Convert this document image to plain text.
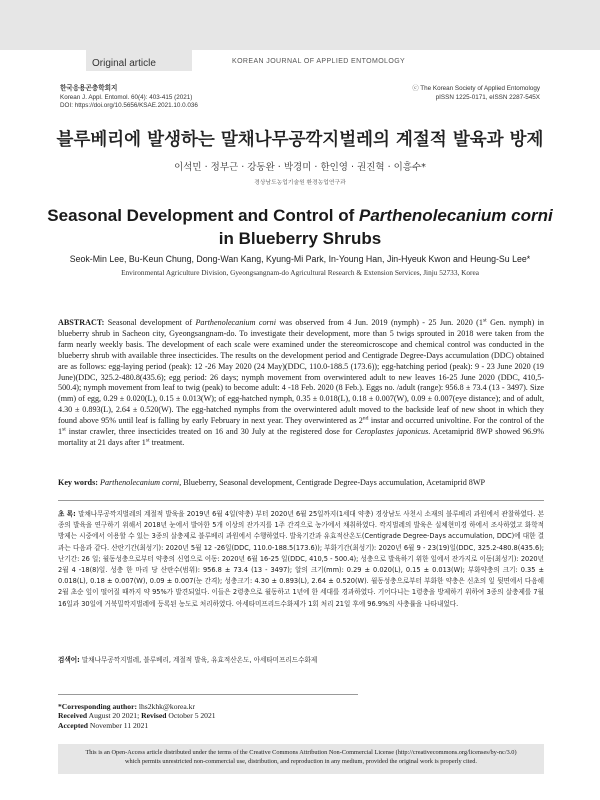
Original article	KOREAN JOURNAL OF APPLIED ENTOMOLOGY
한국응용곤충학회지
Korean J. Appl. Entomol. 60(4): 403-415 (2021)
DOI: https://doi.org/10.5656/KSAE.2021.10.0.036
ⓒ The Korean Society of Applied Entomology
pISSN 1225-0171, eISSN 2287-545X
블루베리에 발생하는 말채나무공깍지벌레의 계절적 발육과 방제
이석민 · 정부근 · 강동완 · 박경미 · 한인영 · 권진혁 · 이흥수*
경상남도농업기술원 환경농업연구과
Seasonal Development and Control of Parthenolecanium corni
in Blueberry Shrubs
Seok-Min Lee, Bu-Keun Chung, Dong-Wan Kang, Kyung-Mi Park, In-Young Han, Jin-Hyeuk Kwon and Heung-Su Lee*
Environmental Agriculture Division, Gyeongsangnam-do Agricultural Research & Extension Services, Jinju 52733, Korea
ABSTRACT: Seasonal development of Parthenolecanium corni was observed from 4 Jun. 2019 (nymph) - 25 Jun. 2020 (1st Gen. nymph) in blueberry shrub in Sacheon city, Gyeongsangnam-do. To investigate their development, more than 5 twigs sprouted in 2018 were taken from the farm nearly weekly basis. The development of each scale were examined under the stereomicroscope and chemical control was conducted in the blueberry shrub with available three insecticides. The results on the development period and Centigrade Degree-Days accumulation (DDC) obtained are as follows: egg-laying period (peak): 12 -26 May 2020 (24 May)(DDC, 110.0-188.5 (173.6)); egg-hatching period (peak): 9 - 23 June 2020 (19 June)(DDC, 325.2-480.8(435.6); egg period: 26 days; nymph movement from overwintered adult to new leaves 16-25 June 2020 (DDC, 410,5-500.4); nymph movement from leaf to twig (peak) to become adult: 4 -18 Feb. 2020 (8 Feb.). Eggs no. /adult (range): 956.8 ± 73.4 (13 - 3497). Size (mm) of egg, 0.29 ± 0.020(L), 0.15 ± 0.013(W); of egg-hatched nymph, 0.35 ± 0.018(L), 0.18 ± 0.007(W), 0.09 ± 0.007(eye distance); and of adult, 4.30 ± 0.893(L), 2.64 ± 0.520(W). The egg-hatched nymphs from the overwintered adult moved to the backside leaf of new shoot in which they found above 95% until leaf is falling by early February in next year. They overwintered as 2nd instar and occurred univoltine. For the control of the 1st instar crawler, three insecticides treated on 16 and 30 July at the registered dose for Ceroplastes japonicus. Acetamiprid 8WP showed 96.9% mortality at 21 days after 1st treatment.
Key words: Parthenolecanium corni, Blueberry, Seasonal development, Centigrade Degree-Days accumulation, Acetamiprid 8WP
초 록: 말채나무공깍지벌레의 계절적 발육을 2019년 6월 4일(약충) 부터 2020년 6월 25일까지(1세대 약충) 경상남도 사천시 소재의 블루베리 과원에서 관찰하였다. 본 종의 발육을 연구하기 위해서 2018년 눈에서 발아한 5개 이상의 잔가지를 1주 간격으로 농가에서 채취하였다. 깍지벌레의 발육은 실체현미경 하에서 조사하였고 화학적 방제는 시중에서 이용할 수 있는 3종의 살충제로 블루베리 과원에서 수행하였다. 발육기간과 유효적산온도(Centigrade Degree-Days accumulation, DDC)에 대한 결과는 다음과 같다. 산란기간(최성기): 2020년 5월 12 -26일(DDC, 110.0-188.5(173.6)); 부화기간(최성기): 2020년 6월 9 - 23(19)일(DDC, 325.2-480.8(435.6); 난기간: 26 일; 월동성충으로부터 약충의 신엽으로 이동: 2020년 6월 16-25 일(DDC, 410,5 - 500.4); 성충으로 발육하기 위한 잎에서 잔가지로 이동(최성기): 2020년 2월 4 -18(8)일. 성충 한 마리 당 산란수(범위): 956.8 ± 73.4 (13 - 3497); 알의 크기(mm): 0.29 ± 0.020(L), 0.15 ± 0.013(W); 부화약충의 크기: 0.35 ± 0.018(L), 0.18 ± 0.007(W), 0.09 ± 0.007(눈 간격); 성충크기: 4.30 ± 0.893(L), 2.64 ± 0.520(W). 월동성충으로부터 부화한 약충은 신초의 잎 뒷면에서 다음해 2월 초순 잎이 떨어질 때까지 약 95%가 발견되었다. 이들은 2령충으로 월동하고 1년에 한 세대를 경과하였다. 기어다니는 1령충을 방제하기 위하여 3종의 살충제를 7월 16일과 30일에 거북밀깍지벌레에 등록된 농도로 처리하였다. 아세타미프리드수화제가 1회 처리 21일 후에 96.9%의 사충률을 나타내었다.
검색어: 말채나무공깍지벌레, 블루베리, 계절적 발육, 유효적산온도, 아세타미프리드수화제
*Corresponding author: lhs2khk@korea.kr
Received August 20 2021; Revised October 5 2021
Accepted November 11 2021
This is an Open-Access article distributed under the terms of the Creative Commons Attribution Non-Commercial License (http://creativecommons.org/licenses/by-nc/3.0)
which permits unrestricted non-commercial use, distribution, and reproduction in any medium, provided the original work is properly cited.
